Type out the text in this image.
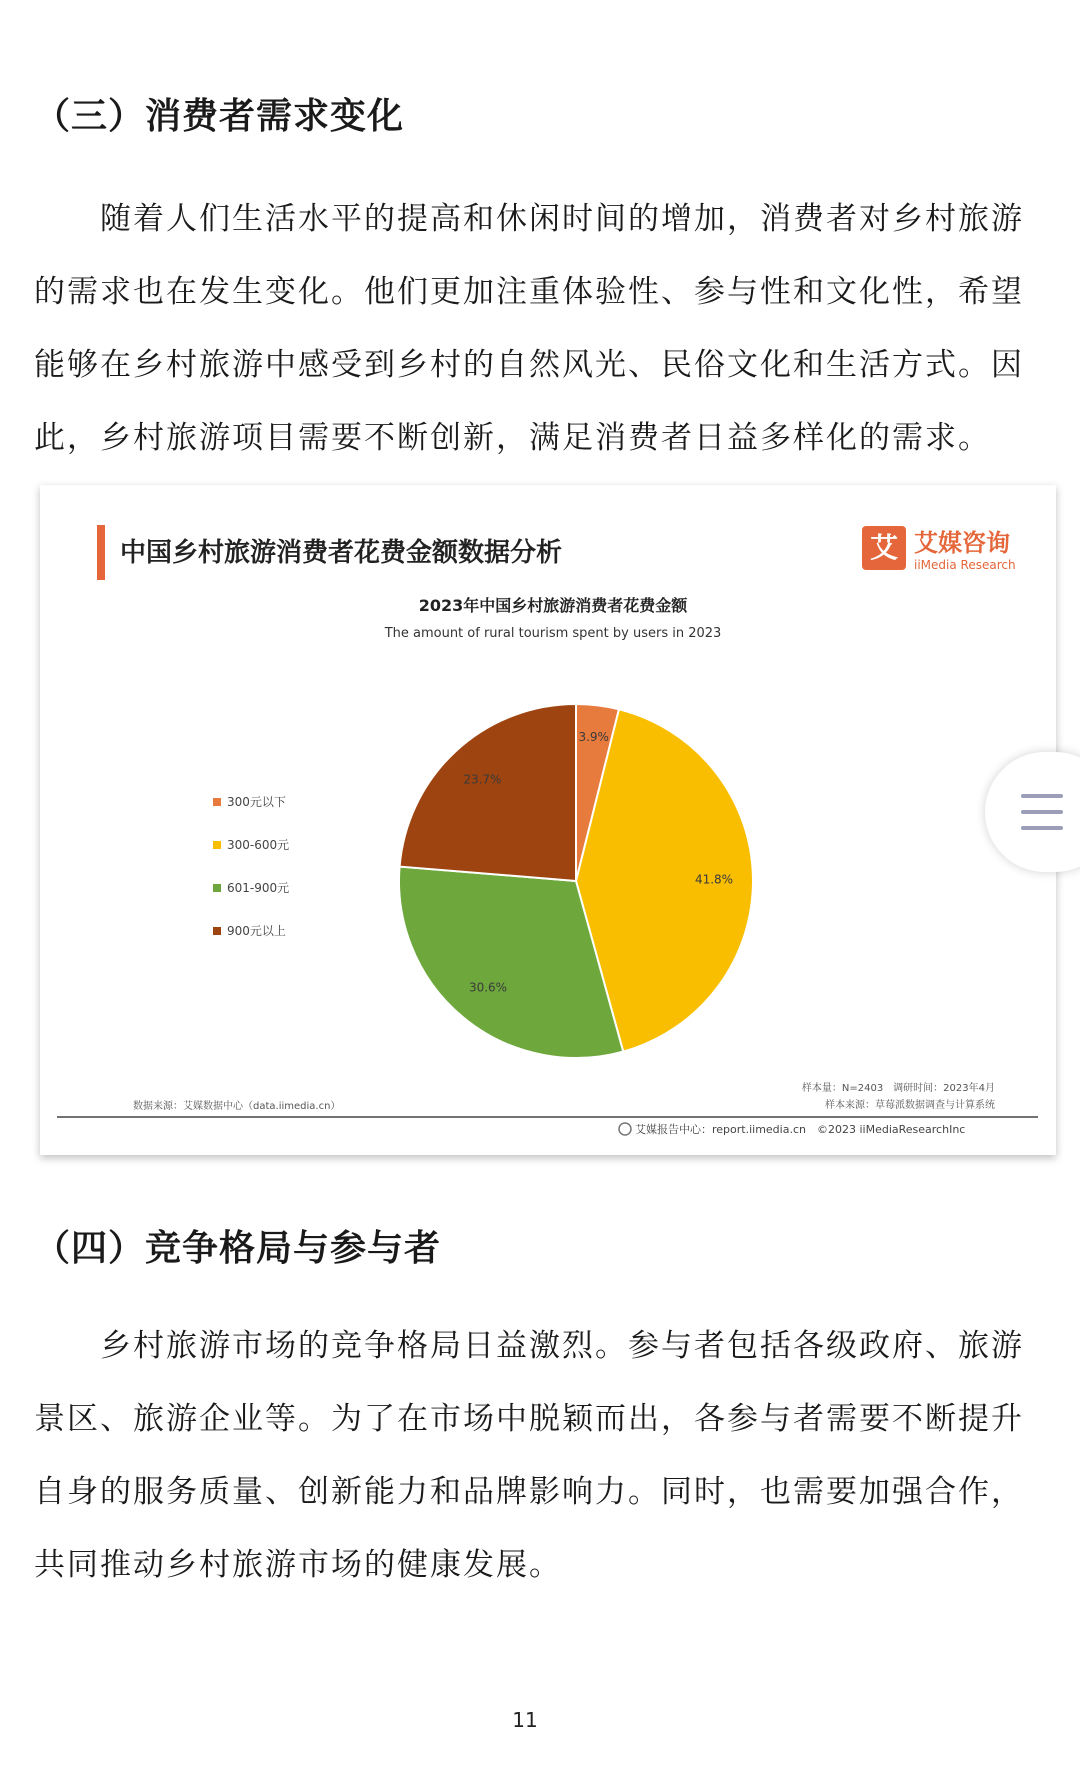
（三）消费者需求变化

随着人们生活水平的提高和休闲时间的增加，消费者对乡村旅游的需求也在发生变化。他们更加注重体验性、参与性和文化性，希望能够在乡村旅游中感受到乡村的自然风光、民俗文化和生活方式。因此，乡村旅游项目需要不断创新，满足消费者日益多样化的需求。

中国乡村旅游消费者花费金额数据分析	艾 艾媒咨询
iiMedia Research
2023年中国乡村旅游消费者花费金额
The amount of rural tourism spent by users in 2023
3.9%
41.8%
30.6%
23.7%
300元以下
300-600元
601-900元
900元以上
数据来源：艾媒数据中心（data.iimedia.cn）
样本量：N=2403　调研时间：2023年4月
样本来源：草莓派数据调查与计算系统
艾媒报告中心：report.iimedia.cn　©2023 iiMediaResearchInc
（四）竞争格局与参与者

乡村旅游市场的竞争格局日益激烈。参与者包括各级政府、旅游景区、旅游企业等。为了在市场中脱颖而出，各参与者需要不断提升自身的服务质量、创新能力和品牌影响力。同时，也需要加强合作，共同推动乡村旅游市场的健康发展。

11
